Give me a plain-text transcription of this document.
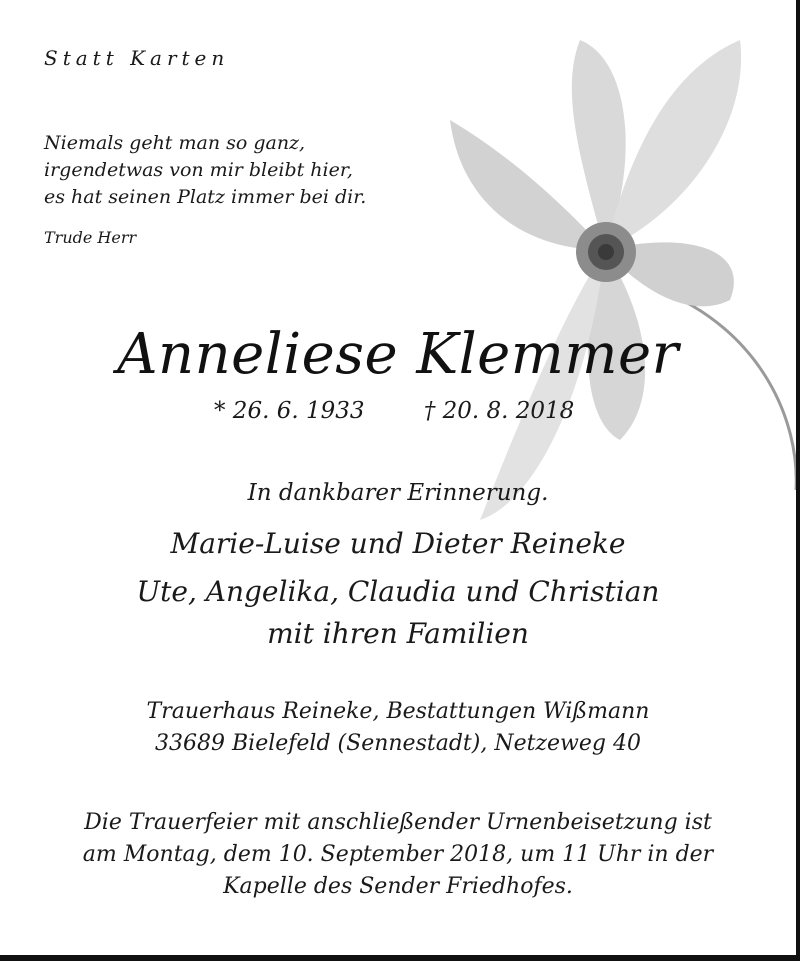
Statt Karten
Niemals geht man so ganz,
irgendetwas von mir bleibt hier,
es hat seinen Platz immer bei dir.
Trude Herr
Anneliese Klemmer
* 26. 6. 1933	† 20. 8. 2018
In dankbarer Erinnerung.
Marie-Luise und Dieter Reineke
Ute, Angelika, Claudia und Christian
mit ihren Familien
Trauerhaus Reineke, Bestattungen Wißmann
33689 Bielefeld (Sennestadt), Netzeweg 40
Die Trauerfeier mit anschließender Urnenbeisetzung ist
am Montag, dem 10. September 2018, um 11 Uhr in der
Kapelle des Sender Friedhofes.
